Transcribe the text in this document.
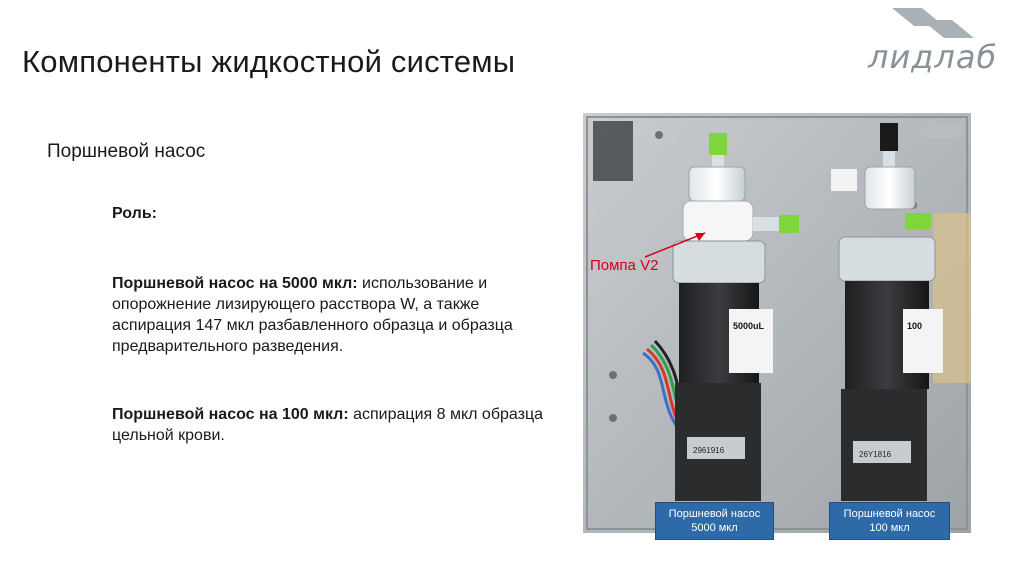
Компоненты жидкостной системы	лидлаб
Поршневой насос
Роль:
Поршневой насос на 5000 мкл: использование и опорожнение лизирующего расствора W, а также аспирация 147 мкл разбавленного образца и образца предварительного разведения.
Поршневой насос на 100 мкл: аспирация 8 мкл образца цельной крови.
5000uL
2961916
100
26Y1816
Помпа V2
Поршневой насос
5000 мкл
Поршневой насос
100 мкл
